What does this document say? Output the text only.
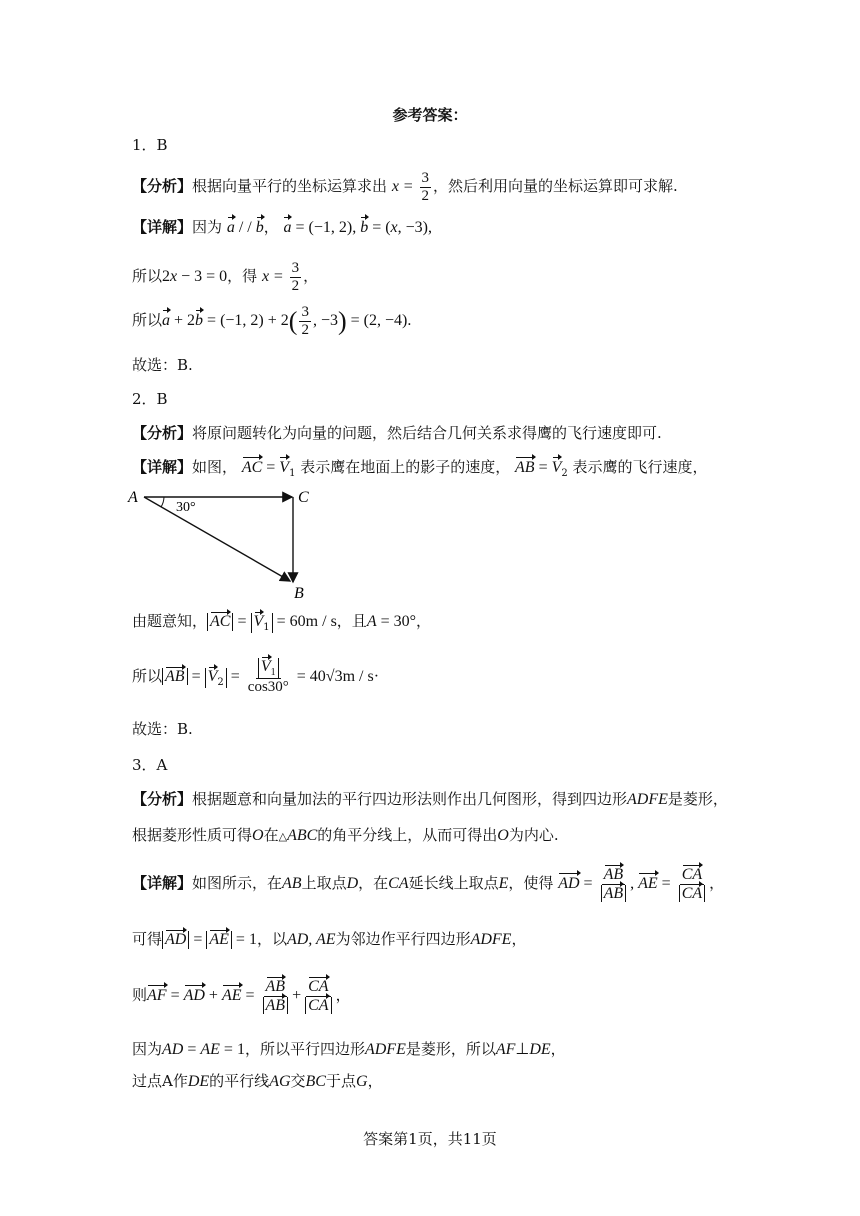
参考答案：
1．B
【分析】根据向量平行的坐标运算求出 $x = \frac{3}{2}$ ，然后利用向量的坐标运算即可求解.
【详解】因为 a / / b， a = (−1, 2), b = (x, −3),
所以2x − 3 = 0，得 $x = \frac{3}{2}$ ，
所以a + 2b = (−1, $2) + 2( \frac{3}{2}$ , −3) = (2, −4).
故选：B.
2．B
【分析】将原问题转化为向量的问题，然后结合几何关系求得鹰的飞行速度即可.
【详解】如图， AC = $V_1$ 表示鹰在地面上的影子的速度， AB = $V_2$ 表示鹰的飞行速度，
A	C
B
30°
由题意知， AC = $V_1 = 60m / s$，且A = 30°，
所以 AB = $V_2 = \frac{V_1}{\cos 30^\circ} = 40√3m / s\cdot$
故选：B.
3．A
【分析】根据题意和向量加法的平行四边形法则作出几何图形，得到四边形ADFE是菱形，
根据菱形性质可得O在△ABC的角平分线上，从而可得出O为内心.
【详解】如图所示，在AB上取点D，在CA延长线上取点E，使得 AD = $\frac{AB}{AB}$ , AE = $\frac{CA}{CA}$ ，
可得 AD = AE = 1，以AD, AE为邻边作平行四边形ADFE，
则AF = AD + AE = $\frac{AB}{AB} + \frac{CA}{CA}$ ，
因为AD = AE = 1，所以平行四边形ADFE是菱形，所以AF⊥DE，
过点A作DE的平行线AG交BC于点G，
答案第1页，共11页
